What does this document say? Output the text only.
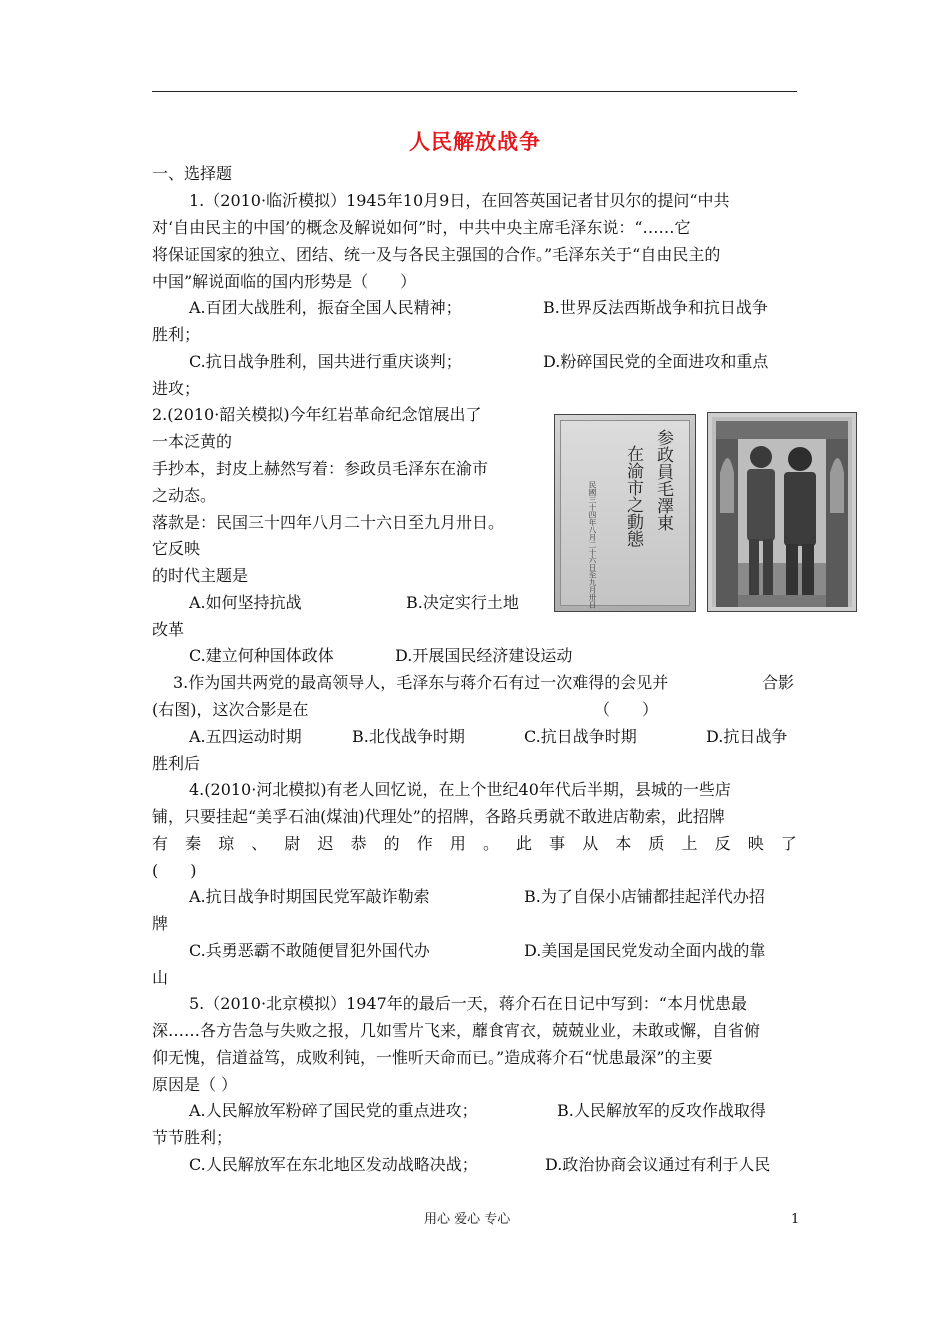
人民解放战争
一、选择题
1.（2010·临沂模拟）1945年10月9日，在回答英国记者甘贝尔的提问“中共
对‘自由民主的中国’的概念及解说如何”时，中共中央主席毛泽东说：“……它
将保证国家的独立、团结、统一及与各民主强国的合作。”毛泽东关于“自由民主的
中国”解说面临的国内形势是（　　）
A.百团大战胜利，振奋全国人民精神；	B.世界反法西斯战争和抗日战争
胜利；
C.抗日战争胜利，国共进行重庆谈判；	D.粉碎国民党的全面进攻和重点
进攻；
2.(2010·韶关模拟)今年红岩革命纪念馆展出了
一本泛黄的
手抄本，封皮上赫然写着：参政员毛泽东在渝市
之动态。
落款是：民国三十四年八月二十六日至九月卅日。
它反映
的时代主题是
A.如何坚持抗战	B.决定实行土地
改革
C.建立何种国体政体	D.开展国民经济建设运动
参政員毛澤東
在渝市之動態
民國三十四年八月二十六日至九月卅日
3.作为国共两党的最高领导人，毛泽东与蒋介石有过一次难得的会见并	合影
(右图)，这次合影是在	（　　）
A.五四运动时期	B.北伐战争时期	C.抗日战争时期	D.抗日战争
胜利后
4.(2010·河北模拟)有老人回忆说，在上个世纪40年代后半期，县城的一些店
铺，只要挂起“美孚石油(煤油)代理处”的招牌，各路兵勇就不敢进店勒索，此招牌
有 秦 琼 、 尉 迟 恭 的 作 用 。 此 事 从 本 质 上 反 映 了
(　　)
A.抗日战争时期国民党军敲诈勒索	B.为了自保小店铺都挂起洋代办招
牌
C.兵勇恶霸不敢随便冒犯外国代办	D.美国是国民党发动全面内战的靠
山
5.（2010·北京模拟）1947年的最后一天，蒋介石在日记中写到：“本月忧患最
深……各方告急与失败之报，几如雪片飞来，蘼食宵衣，兢兢业业，未敢或懈，自省俯
仰无愧，信道益笃，成败利钝，一惟听天命而已。”造成蒋介石“忧患最深”的主要
原因是（ ）
A.人民解放军粉碎了国民党的重点进攻；	B.人民解放军的反攻作战取得
节节胜利；
C.人民解放军在东北地区发动战略决战；	D.政治协商会议通过有利于人民
用心 爱心 专心	1
